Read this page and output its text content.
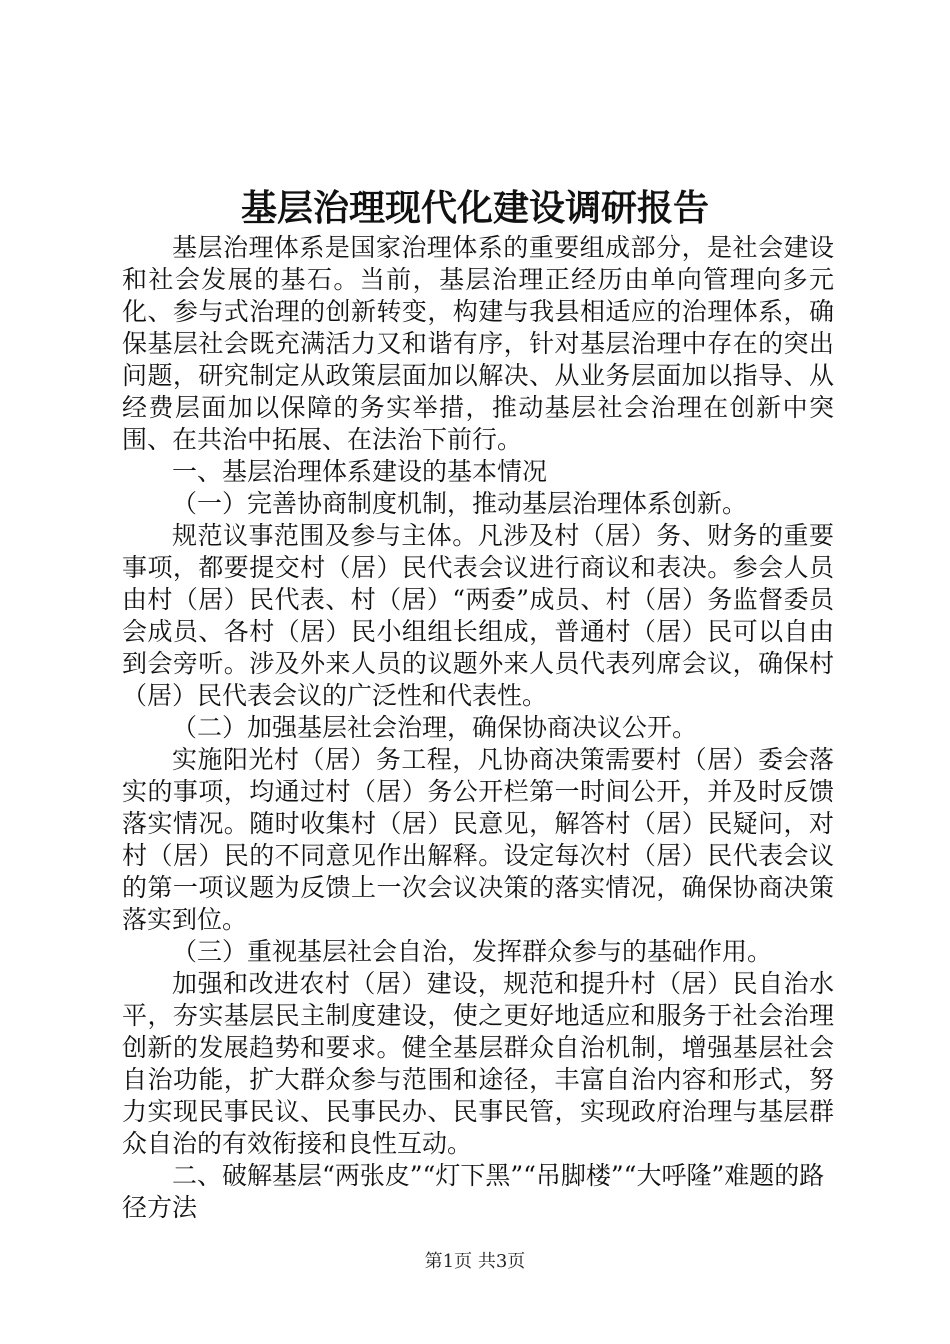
基层治理现代化建设调研报告

基层治理体系是国家治理体系的重要组成部分，是社会建设和社会发展的基石。当前，基层治理正经历由单向管理向多元化、参与式治理的创新转变，构建与我县相适应的治理体系，确保基层社会既充满活力又和谐有序，针对基层治理中存在的突出问题，研究制定从政策层面加以解决、从业务层面加以指导、从经费层面加以保障的务实举措，推动基层社会治理在创新中突围、在共治中拓展、在法治下前行。

一、基层治理体系建设的基本情况

（一）完善协商制度机制，推动基层治理体系创新。

规范议事范围及参与主体。凡涉及村（居）务、财务的重要事项，都要提交村（居）民代表会议进行商议和表决。参会人员由村（居）民代表、村（居）“两委”成员、村（居）务监督委员会成员、各村（居）民小组组长组成，普通村（居）民可以自由到会旁听。涉及外来人员的议题外来人员代表列席会议，确保村（居）民代表会议的广泛性和代表性。

（二）加强基层社会治理，确保协商决议公开。

实施阳光村（居）务工程，凡协商决策需要村（居）委会落实的事项，均通过村（居）务公开栏第一时间公开，并及时反馈落实情况。随时收集村（居）民意见，解答村（居）民疑问，对村（居）民的不同意见作出解释。设定每次村（居）民代表会议的第一项议题为反馈上一次会议决策的落实情况，确保协商决策落实到位。

（三）重视基层社会自治，发挥群众参与的基础作用。

加强和改进农村（居）建设，规范和提升村（居）民自治水平，夯实基层民主制度建设，使之更好地适应和服务于社会治理创新的发展趋势和要求。健全基层群众自治机制，增强基层社会自治功能，扩大群众参与范围和途径，丰富自治内容和形式，努力实现民事民议、民事民办、民事民管，实现政府治理与基层群众自治的有效衔接和良性互动。

二、破解基层“两张皮”“灯下黑”“吊脚楼”“大呼隆”难题的路径方法

第1页 共3页
